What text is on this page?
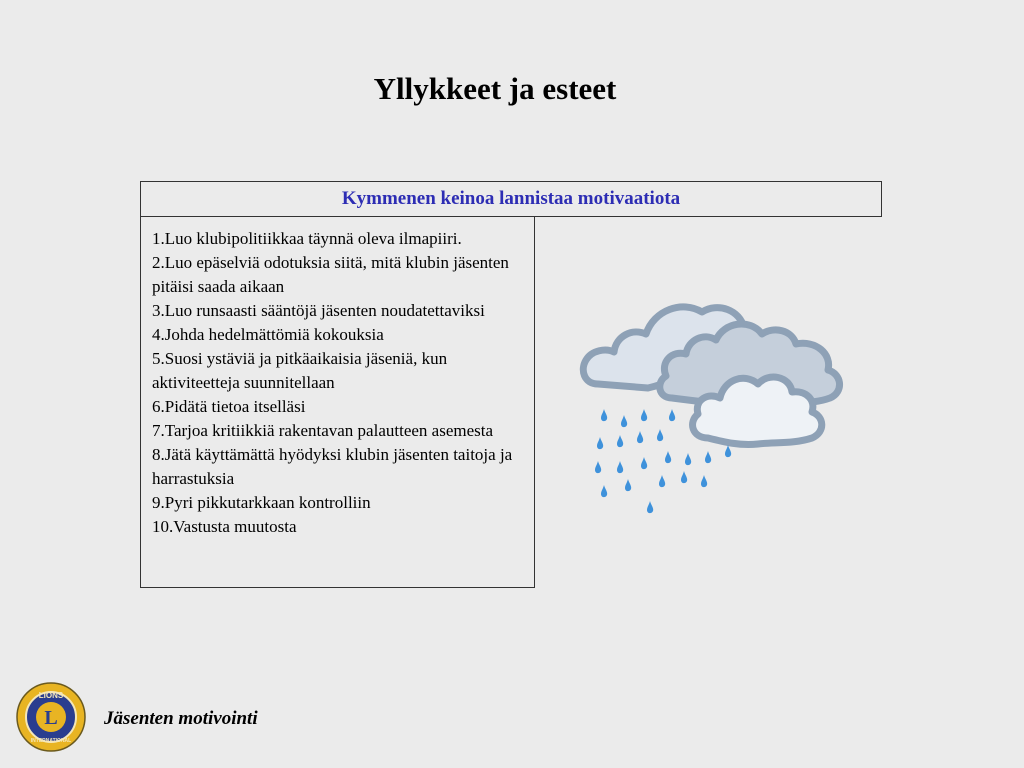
Yllykkeet ja esteet
Kymmenen keinoa lannistaa motivaatiota
1.Luo klubipolitiikkaa täynnä oleva ilmapiiri.
2.Luo epäselviä odotuksia siitä, mitä klubin jäsenten pitäisi saada aikaan
3.Luo runsaasti sääntöjä jäsenten noudatettaviksi
4.Johda hedelmättömiä kokouksia
5.Suosi ystäviä ja pitkäaikaisia jäseniä, kun aktiviteetteja suunnitellaan
6.Pidätä tietoa itselläsi
7.Tarjoa kritiikkiä rakentavan palautteen asemesta
8.Jätä käyttämättä hyödyksi klubin jäsenten taitoja ja harrastuksia
9.Pyri pikkutarkkaan kontrolliin
10.Vastusta muutosta
L
LIONS
INTERNATIONAL
Jäsenten motivointi
